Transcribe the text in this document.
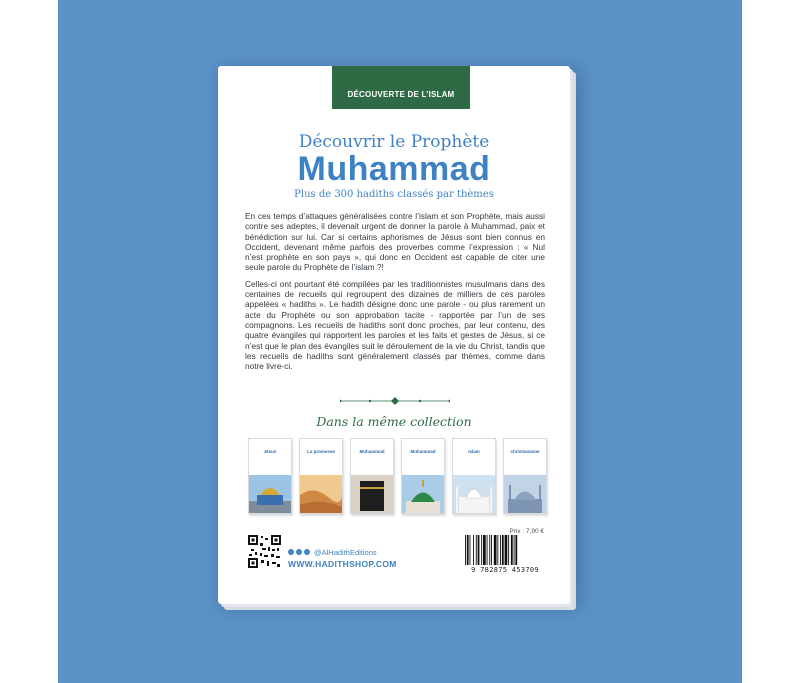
DÉCOUVERTE DE L’ISLAM
Découvrir le Prophète
Muhammad
Plus de 300 hadiths classés par thèmes

En ces temps d’attaques généralisées contre l’islam et son Prophète, mais aussi contre ses adeptes, il devenait urgent de donner la parole à Muhammad, paix et bénédiction sur lui. Car si certains aphorismes de Jésus sont bien connus en Occident, devenant même parfois des proverbes comme l’expression : « Nul n’est prophète en son pays », qui donc en Occident est capable de citer une seule parole du Prophète de l’islam ?!

Celles-ci ont pourtant été compilées par les traditionnistes musulmans dans des centaines de recueils qui regroupent des dizaines de milliers de ces paroles appelées « hadiths ». Le hadith désigne donc une parole - ou plus rarement un acte du Prophète ou son approbation tacite - rapportée par l’un de ses compagnons. Les recueils de hadiths sont donc proches, par leur contenu, des quatre évangiles qui rapportent les paroles et les faits et gestes de Jésus, si ce n’est que le plan des évangiles suit le déroulement de la vie du Christ, tandis que les recueils de hadiths sont généralement classés par thèmes, comme dans notre livre-ci.

Dans la même collection
Jésus	La promesse	Muhammad	Muhammad	Islam	christianisme
@AlHadithEditions
WWW.HADITHSHOP.COM
Prix : 7,90 €
9 782875 453709
